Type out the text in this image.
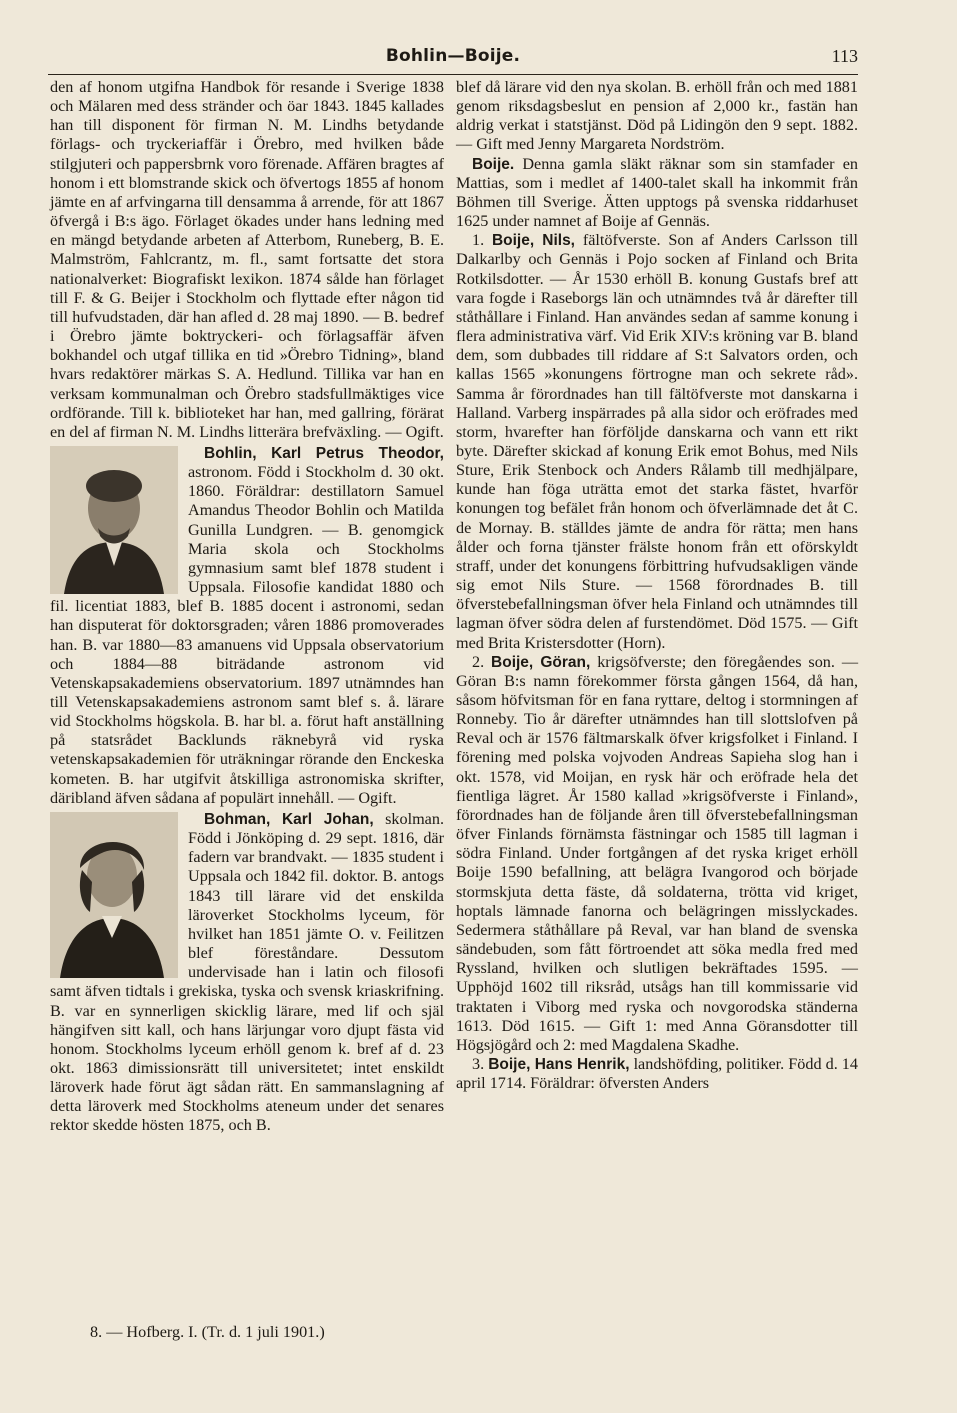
Bohlin—Boije.	113

den af honom utgifna Handbok för resande i Sverige 1838 och Mälaren med dess stränder och öar 1843. 1845 kallades han till disponent för firman N. M. Lindhs betydande förlags- och tryckeriaffär i Örebro, med hvilken både stilgjuteri och pappersbrnk voro förenade. Affären bragtes af honom i ett blomstrande skick och öfvertogs 1855 af honom jämte en af arfvingarna till densamma å arrende, för att 1867 öfvergå i B:s ägo. Förlaget ökades under hans ledning med en mängd betydande arbeten af Atterbom, Runeberg, B. E. Malmström, Fahlcrantz, m. fl., samt fortsatte det stora nationalverket: Biografiskt lexikon. 1874 sålde han förlaget till F. & G. Beijer i Stockholm och flyttade efter någon tid till hufvudstaden, där han afled d. 28 maj 1890. — B. bedref i Örebro jämte boktryckeri- och förlagsaffär äfven bokhandel och utgaf tillika en tid »Örebro Tidning», bland hvars redaktörer märkas S. A. Hedlund. Tillika var han en verksam kommunalman och Örebro stadsfullmäktiges vice ordförande. Till k. biblioteket har han, med gallring, förärat en del af firman N. M. Lindhs litterära brefväxling. — Ogift.

Bohlin, Karl Petrus Theodor, astronom. Född i Stockholm d. 30 okt. 1860. Föräldrar: destillatorn Samuel Amandus Theodor Bohlin och Matilda Gunilla Lundgren. — B. genomgick Maria skola och Stockholms gymnasium samt blef 1878 student i Uppsala. Filosofie kandidat 1880 och fil. licentiat 1883, blef B. 1885 docent i astronomi, sedan han disputerat för doktorsgraden; våren 1886 promoverades han. B. var 1880—83 amanuens vid Uppsala observatorium och 1884—88 biträdande astronom vid Vetenskapsakademiens observatorium. 1897 utnämndes han till Vetenskapsakademiens astronom samt blef s. å. lärare vid Stockholms högskola. B. har bl. a. förut haft anställning på statsrådet Backlunds räknebyrå vid ryska vetenskapsakademien för uträkningar rörande den Enckeska kometen. B. har utgifvit åtskilliga astronomiska skrifter, däribland äfven sådana af populärt innehåll. — Ogift.

Bohman, Karl Johan, skolman. Född i Jönköping d. 29 sept. 1816, där fadern var brandvakt. — 1835 student i Uppsala och 1842 fil. doktor. B. antogs 1843 till lärare vid det enskilda läroverket Stockholms lyceum, för hvilket han 1851 jämte O. v. Feilitzen blef föreståndare. Dessutom undervisade han i latin och filosofi samt äfven tidtals i grekiska, tyska och svensk kriaskrifning. B. var en synnerligen skicklig lärare, med lif och själ hängifven sitt kall, och hans lärjungar voro djupt fästa vid honom. Stockholms lyceum erhöll genom k. bref af d. 23 okt. 1863 dimissionsrätt till universitetet; intet enskildt läroverk hade förut ägt sådan rätt. En sammanslagning af detta läroverk med Stockholms ateneum under det senares rektor skedde hösten 1875, och B.

blef då lärare vid den nya skolan. B. erhöll från och med 1881 genom riksdagsbeslut en pension af 2,000 kr., fastän han aldrig verkat i statstjänst. Död på Lidingön den 9 sept. 1882. — Gift med Jenny Margareta Nordström.

Boije. Denna gamla släkt räknar som sin stamfader en Mattias, som i medlet af 1400-talet skall ha inkommit från Böhmen till Sverige. Ätten upptogs på svenska riddarhuset 1625 under namnet af Boije af Gennäs.

1. Boije, Nils, fältöfverste. Son af Anders Carlsson till Dalkarlby och Gennäs i Pojo socken af Finland och Brita Rotkilsdotter. — År 1530 erhöll B. konung Gustafs bref att vara fogde i Raseborgs län och utnämndes två år därefter till ståthållare i Finland. Han användes sedan af samme konung i flera administrativa värf. Vid Erik XIV:s kröning var B. bland dem, som dubbades till riddare af S:t Salvators orden, och kallas 1565 »konungens förtrogne man och sekrete råd». Samma år förordnades han till fältöfverste mot danskarna i Halland. Varberg inspärrades på alla sidor och eröfrades med storm, hvarefter han förföljde danskarna och vann ett rikt byte. Därefter skickad af konung Erik emot Bohus, med Nils Sture, Erik Stenbock och Anders Rålamb till medhjälpare, kunde han föga uträtta emot det starka fästet, hvarför konungen tog befälet från honom och öfverlämnade det åt C. de Mornay. B. ställdes jämte de andra för rätta; men hans ålder och forna tjänster frälste honom från ett oförskyldt straff, under det konungens förbittring hufvudsakligen vände sig emot Nils Sture. — 1568 förordnades B. till öfverstebefallningsman öfver hela Finland och utnämndes till lagman öfver södra delen af furstendömet. Död 1575. — Gift med Brita Kristersdotter (Horn).

2. Boije, Göran, krigsöfverste; den föregåendes son. — Göran B:s namn förekommer första gången 1564, då han, såsom höfvitsman för en fana ryttare, deltog i stormningen af Ronneby. Tio år därefter utnämndes han till slottslofven på Reval och är 1576 fältmarskalk öfver krigsfolket i Finland. I förening med polska vojvoden Andreas Sapieha slog han i okt. 1578, vid Moijan, en rysk här och eröfrade hela det fientliga lägret. År 1580 kallad »krigsöfverste i Finland», förordnades han de följande åren till öfverstebefallningsman öfver Finlands förnämsta fästningar och 1585 till lagman i södra Finland. Under fortgången af det ryska kriget erhöll Boije 1590 befallning, att belägra Ivangorod och började stormskjuta detta fäste, då soldaterna, trötta vid kriget, hoptals lämnade fanorna och belägringen misslyckades. Sedermera ståthållare på Reval, var han bland de svenska sändebuden, som fått förtroendet att söka medla fred med Ryssland, hvilken och slutligen bekräftades 1595. — Upphöjd 1602 till riksråd, utsågs han till kommissarie vid traktaten i Viborg med ryska och novgorodska ständerna 1613. Död 1615. — Gift 1: med Anna Göransdotter till Högsjögård och 2: med Magdalena Skadhe.

3. Boije, Hans Henrik, landshöfding, politiker. Född d. 14 april 1714. Föräldrar: öfversten Anders

8. — Hofberg. I. (Tr. d. 1 juli 1901.)
